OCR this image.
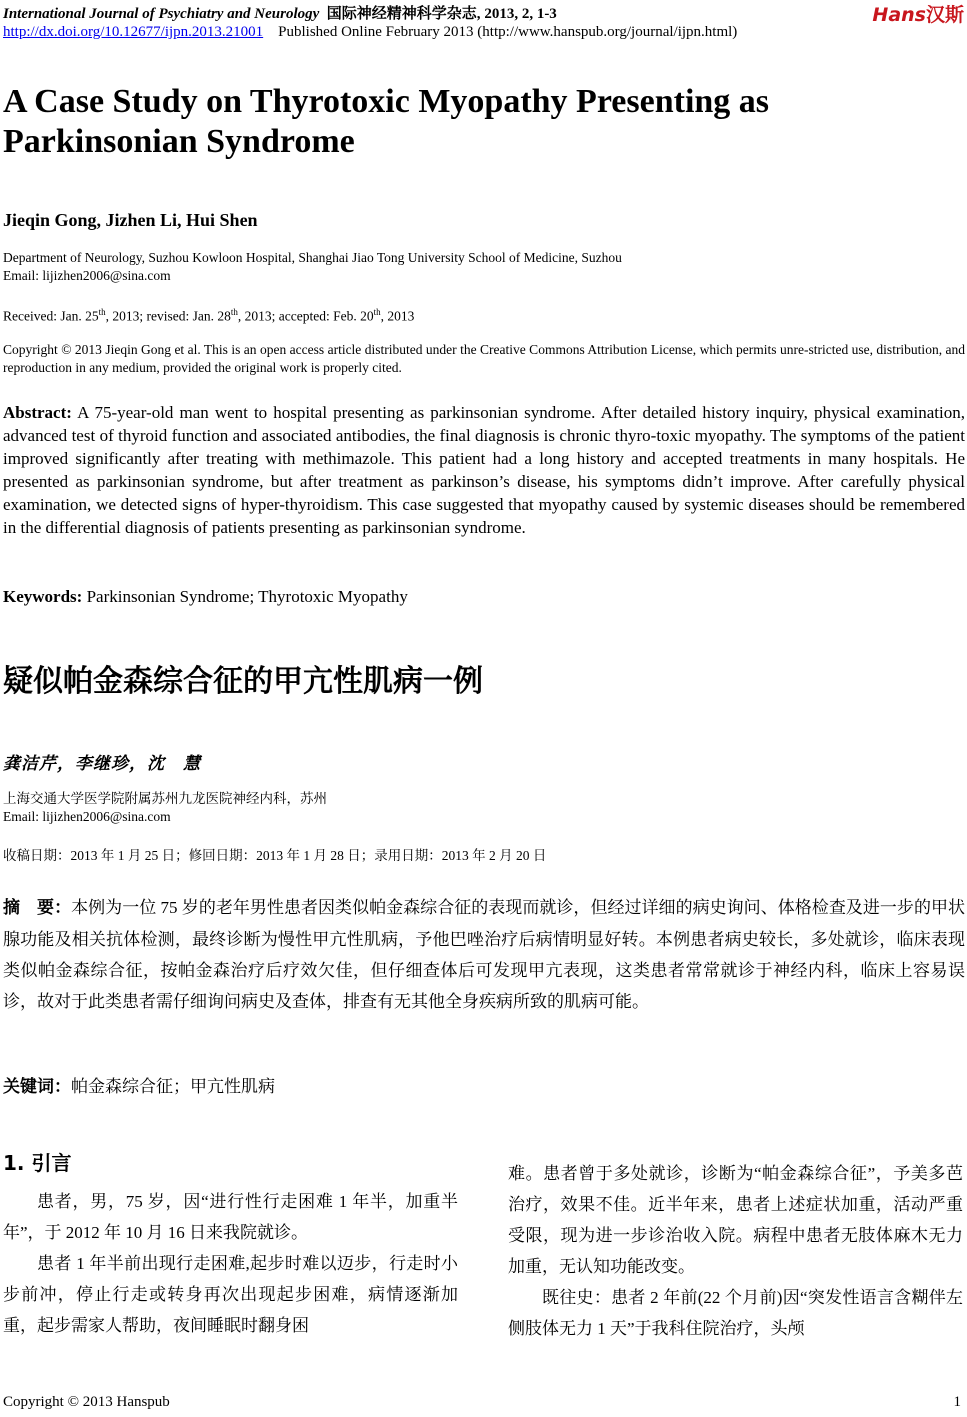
International Journal of Psychiatry and Neurology 国际神经精神科学杂志, 2013, 2, 1-3	Hans汉斯
http://dx.doi.org/10.12677/ijpn.2013.21001 Published Online February 2013 (http://www.hanspub.org/journal/ijpn.html)
A Case Study on Thyrotoxic Myopathy Presenting as
Parkinsonian Syndrome
Jieqin Gong, Jizhen Li, Hui Shen
Department of Neurology, Suzhou Kowloon Hospital, Shanghai Jiao Tong University School of Medicine, Suzhou
Email: lijizhen2006@sina.com
Received: Jan. 25th, 2013; revised: Jan. 28th, 2013; accepted: Feb. 20th, 2013
Copyright © 2013 Jieqin Gong et al. This is an open access article distributed under the Creative Commons Attribution License, which permits unre-stricted use, distribution, and reproduction in any medium, provided the original work is properly cited.
Abstract: A 75-year-old man went to hospital presenting as parkinsonian syndrome. After detailed history inquiry, physical examination, advanced test of thyroid function and associated antibodies, the final diagnosis is chronic thyro-toxic myopathy. The symptoms of the patient improved significantly after treating with methimazole. This patient had a long history and accepted treatments in many hospitals. He presented as parkinsonian syndrome, but after treatment as parkinson’s disease, his symptoms didn’t improve. After carefully physical examination, we detected signs of hyper-thyroidism. This case suggested that myopathy caused by systemic diseases should be remembered in the differential diagnosis of patients presenting as parkinsonian syndrome.
Keywords: Parkinsonian Syndrome; Thyrotoxic Myopathy
疑似帕金森综合征的甲亢性肌病一例
龚洁芹，李继珍，沈　慧
上海交通大学医学院附属苏州九龙医院神经内科，苏州
Email: lijizhen2006@sina.com
收稿日期：2013 年 1 月 25 日；修回日期：2013 年 1 月 28 日；录用日期：2013 年 2 月 20 日
摘　要：本例为一位 75 岁的老年男性患者因类似帕金森综合征的表现而就诊，但经过详细的病史询问、体格检查及进一步的甲状腺功能及相关抗体检测，最终诊断为慢性甲亢性肌病，予他巴唑治疗后病情明显好转。本例患者病史较长，多处就诊，临床表现类似帕金森综合征，按帕金森治疗后疗效欠佳，但仔细查体后可发现甲亢表现，这类患者常常就诊于神经内科，临床上容易误诊，故对于此类患者需仔细询问病史及查体，排查有无其他全身疾病所致的肌病可能。
关键词：帕金森综合征；甲亢性肌病

1. 引言

患者，男，75 岁，因“进行性行走困难 1 年半，加重半年”，于 2012 年 10 月 16 日来我院就诊。

患者 1 年半前出现行走困难,起步时难以迈步，行走时小步前冲，停止行走或转身再次出现起步困难，病情逐渐加重，起步需家人帮助，夜间睡眠时翻身困

难。患者曾于多处就诊，诊断为“帕金森综合征”，予美多芭治疗，效果不佳。近半年来，患者上述症状加重，活动严重受限，现为进一步诊治收入院。病程中患者无肢体麻木无力加重，无认知功能改变。

既往史：患者 2 年前(22 个月前)因“突发性语言含糊伴左侧肢体无力 1 天”于我科住院治疗，头颅

Copyright © 2013 Hanspub	1
